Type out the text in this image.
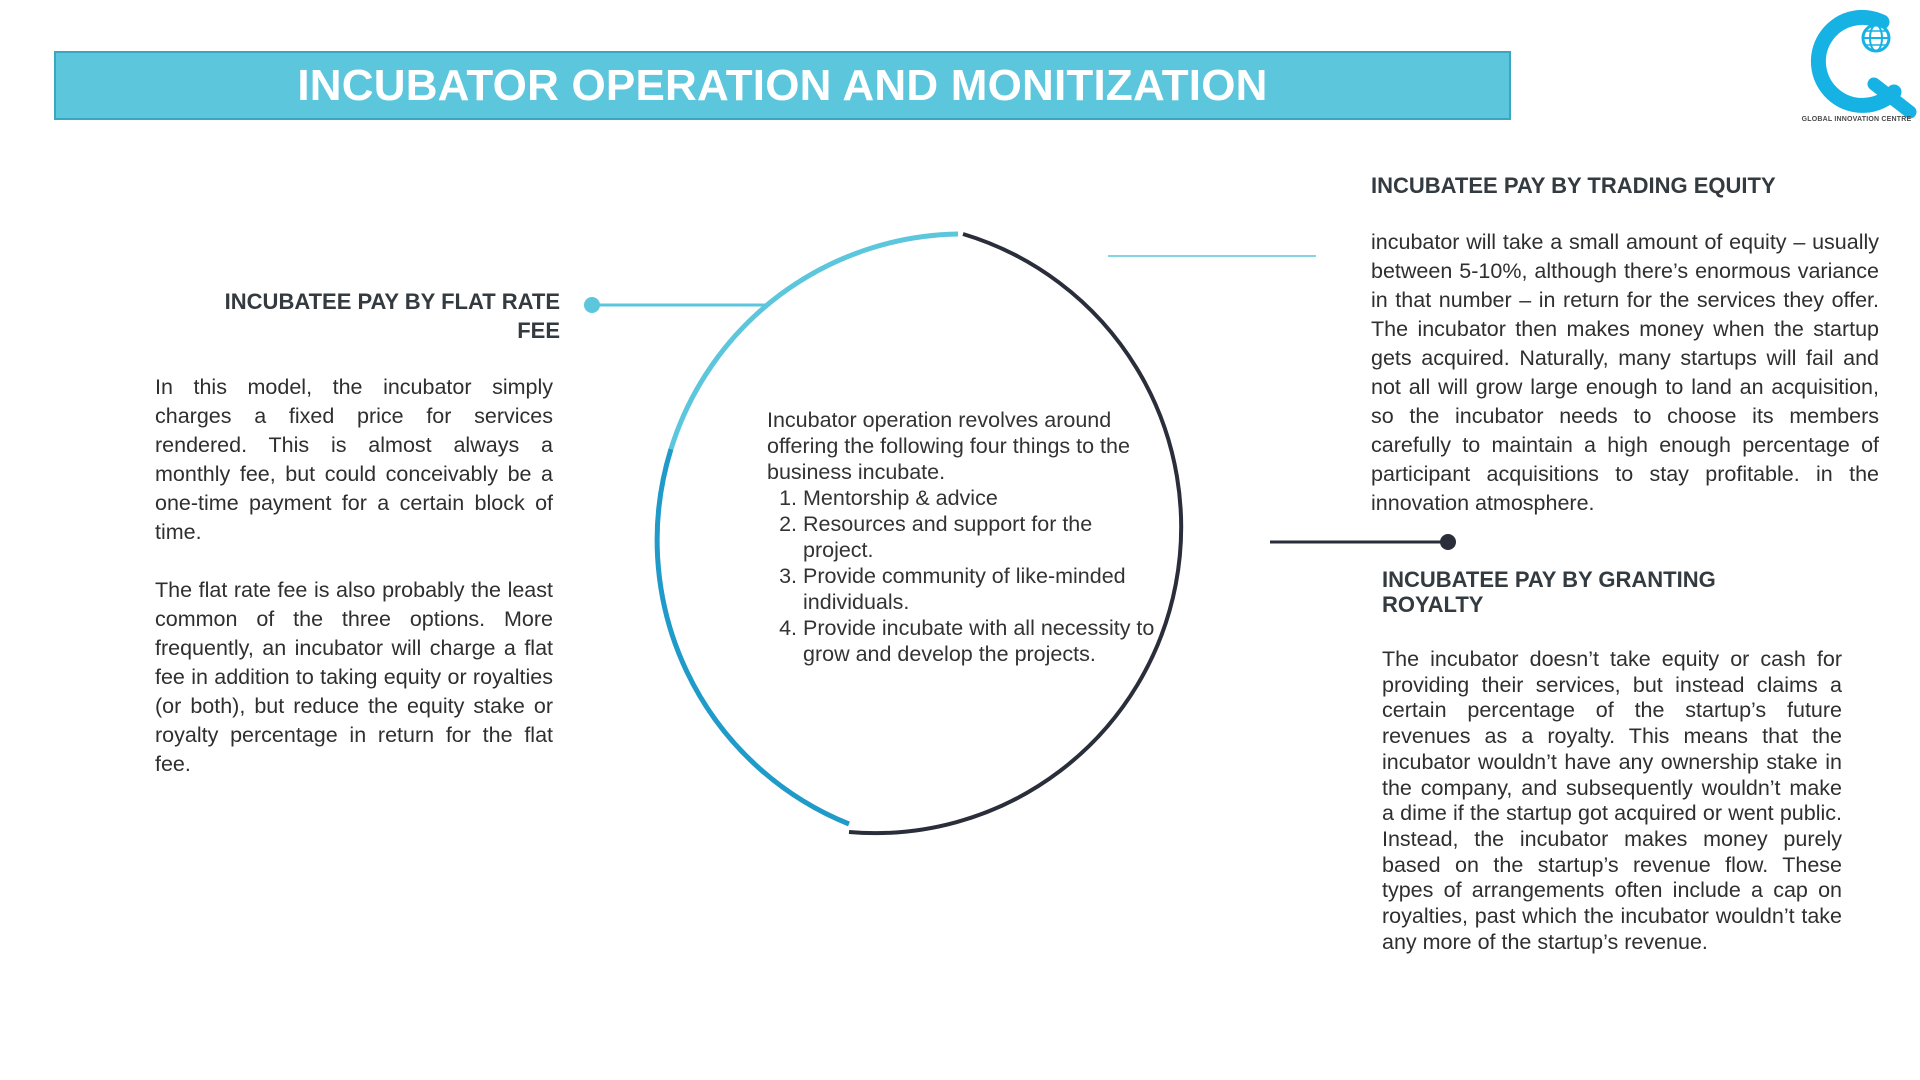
INCUBATOR OPERATION AND MONITIZATION
GLOBAL INNOVATION CENTRE
Incubator operation revolves around offering the following four things to the business incubate.
1. Mentorship & advice
2. Resources and support for the project.
3. Provide community of like-minded individuals.
4. Provide incubate with all necessity to grow and develop the projects.
INCUBATEE PAY BY FLAT RATE FEE

In this model, the incubator simply charges a fixed price for services rendered. This is almost always a monthly fee, but could conceivably be a one-time payment for a certain block of time.

The flat rate fee is also probably the least common of the three options. More frequently, an incubator will charge a flat fee in addition to taking equity or royalties (or both), but reduce the equity stake or royalty percentage in return for the flat fee.

INCUBATEE PAY BY TRADING EQUITY
incubator will take a small amount of equity – usually between 5-10%, although there’s enormous variance in that number – in return for the services they offer. The incubator then makes money when the startup gets acquired. Naturally, many startups will fail and not all will grow large enough to land an acquisition, so the incubator needs to choose its members carefully to maintain a high enough percentage of participant acquisitions to stay profitable. in the innovation atmosphere.
INCUBATEE PAY BY GRANTING ROYALTY
The incubator doesn’t take equity or cash for providing their services, but instead claims a certain percentage of the startup’s future revenues as a royalty. This means that the incubator wouldn’t have any ownership stake in the company, and subsequently wouldn’t make a dime if the startup got acquired or went public. Instead, the incubator makes money purely based on the startup’s revenue flow. These types of arrangements often include a cap on royalties, past which the incubator wouldn’t take any more of the startup’s revenue.
